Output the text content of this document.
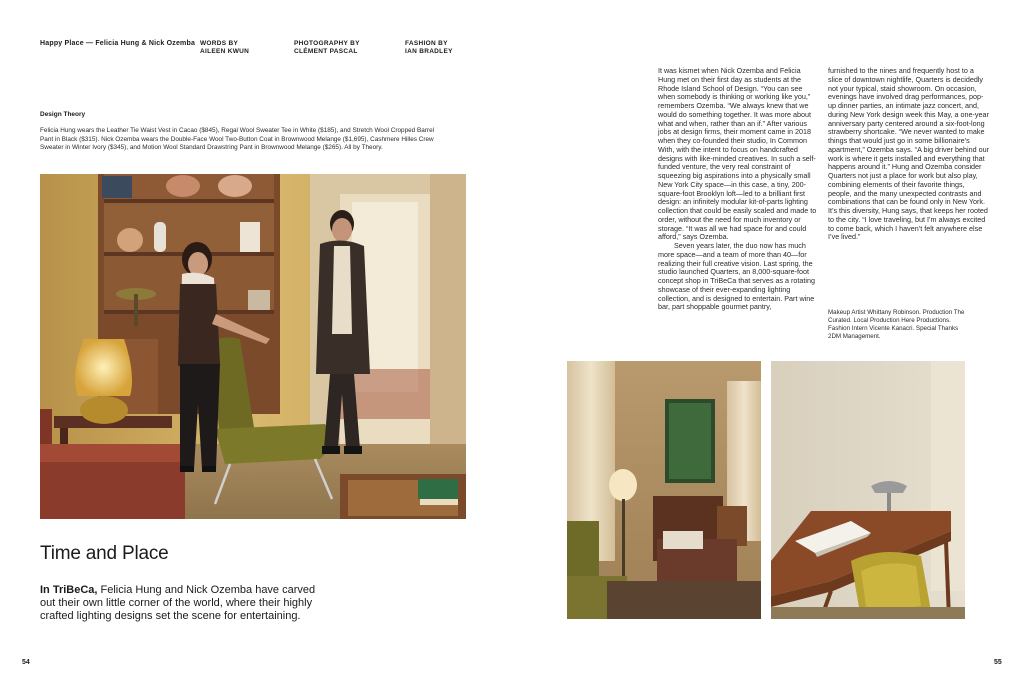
Happy Place — Felicia Hung & Nick Ozemba WORDS BY
AILEEN KWUN
PHOTOGRAPHY BY
CLÉMENT PASCAL
FASHION BY
IAN BRADLEY
Design Theory
Felicia Hung wears the Leather Tie Waist Vest in Cacao ($845), Regal Wool Sweater Tee in White ($185), and Stretch Wool Cropped Barrel Pant in Black ($315). Nick Ozemba wears the Double-Face Wool Two-Button Coat in Brownwood Melange ($1,695), Cashmere Hilles Crew Sweater in Winter Ivory ($345), and Motion Wool Standard Drawstring Pant in Brownwood Melange ($265). All by Theory.
Time and Place
In TriBeCa, Felicia Hung and Nick Ozemba have carved out their own little corner of the world, where their highly crafted lighting designs set the scene for entertaining.
54

It was kismet when Nick Ozemba and Felicia Hung met on their first day as students at the Rhode Island School of Design. “You can see when somebody is thinking or working like you,” remembers Ozemba. “We always knew that we would do something together. It was more about what and when, rather than an if.” After various jobs at design firms, their moment came in 2018 when they co-founded their studio, In Common With, with the intent to focus on handcrafted designs with like-minded creatives. In such a self-funded venture, the very real constraint of squeezing big aspirations into a physically small New York City space—in this case, a tiny, 200-square-foot Brooklyn loft—led to a brilliant first design: an infinitely modular kit-of-parts lighting collection that could be easily scaled and made to order, without the need for much inventory or storage. “It was all we had space for and could afford,” says Ozemba.

Seven years later, the duo now has much more space—and a team of more than 40—for realizing their full creative vision. Last spring, the studio launched Quarters, an 8,000-square-foot concept shop in TriBeCa that serves as a rotating showcase of their ever-expanding lighting collection, and is designed to entertain. Part wine bar, part shoppable gourmet pantry,

furnished to the nines and frequently host to a slice of downtown nightlife, Quarters is decidedly not your typical, staid showroom. On occasion, evenings have involved drag performances, pop-up dinner parties, an intimate jazz concert, and, during New York design week this May, a one-year anniversary party centered around a six-foot-long strawberry shortcake. “We never wanted to make things that would just go in some billionaire’s apartment,” Ozemba says. “A big driver behind our work is where it gets installed and everything that happens around it.” Hung and Ozemba consider Quarters not just a place for work but also play, combining elements of their favorite things, people, and the many unexpected contrasts and combinations that can be found only in New York. It’s this diversity, Hung says, that keeps her rooted to the city. “I love traveling, but I’m always excited to come back, which I haven’t felt anywhere else I’ve lived.”

Makeup Artist Whittany Robinson. Production The Curated. Local Production Here Productions. Fashion Intern Vicente Kanacri. Special Thanks 2DM Management.
55
